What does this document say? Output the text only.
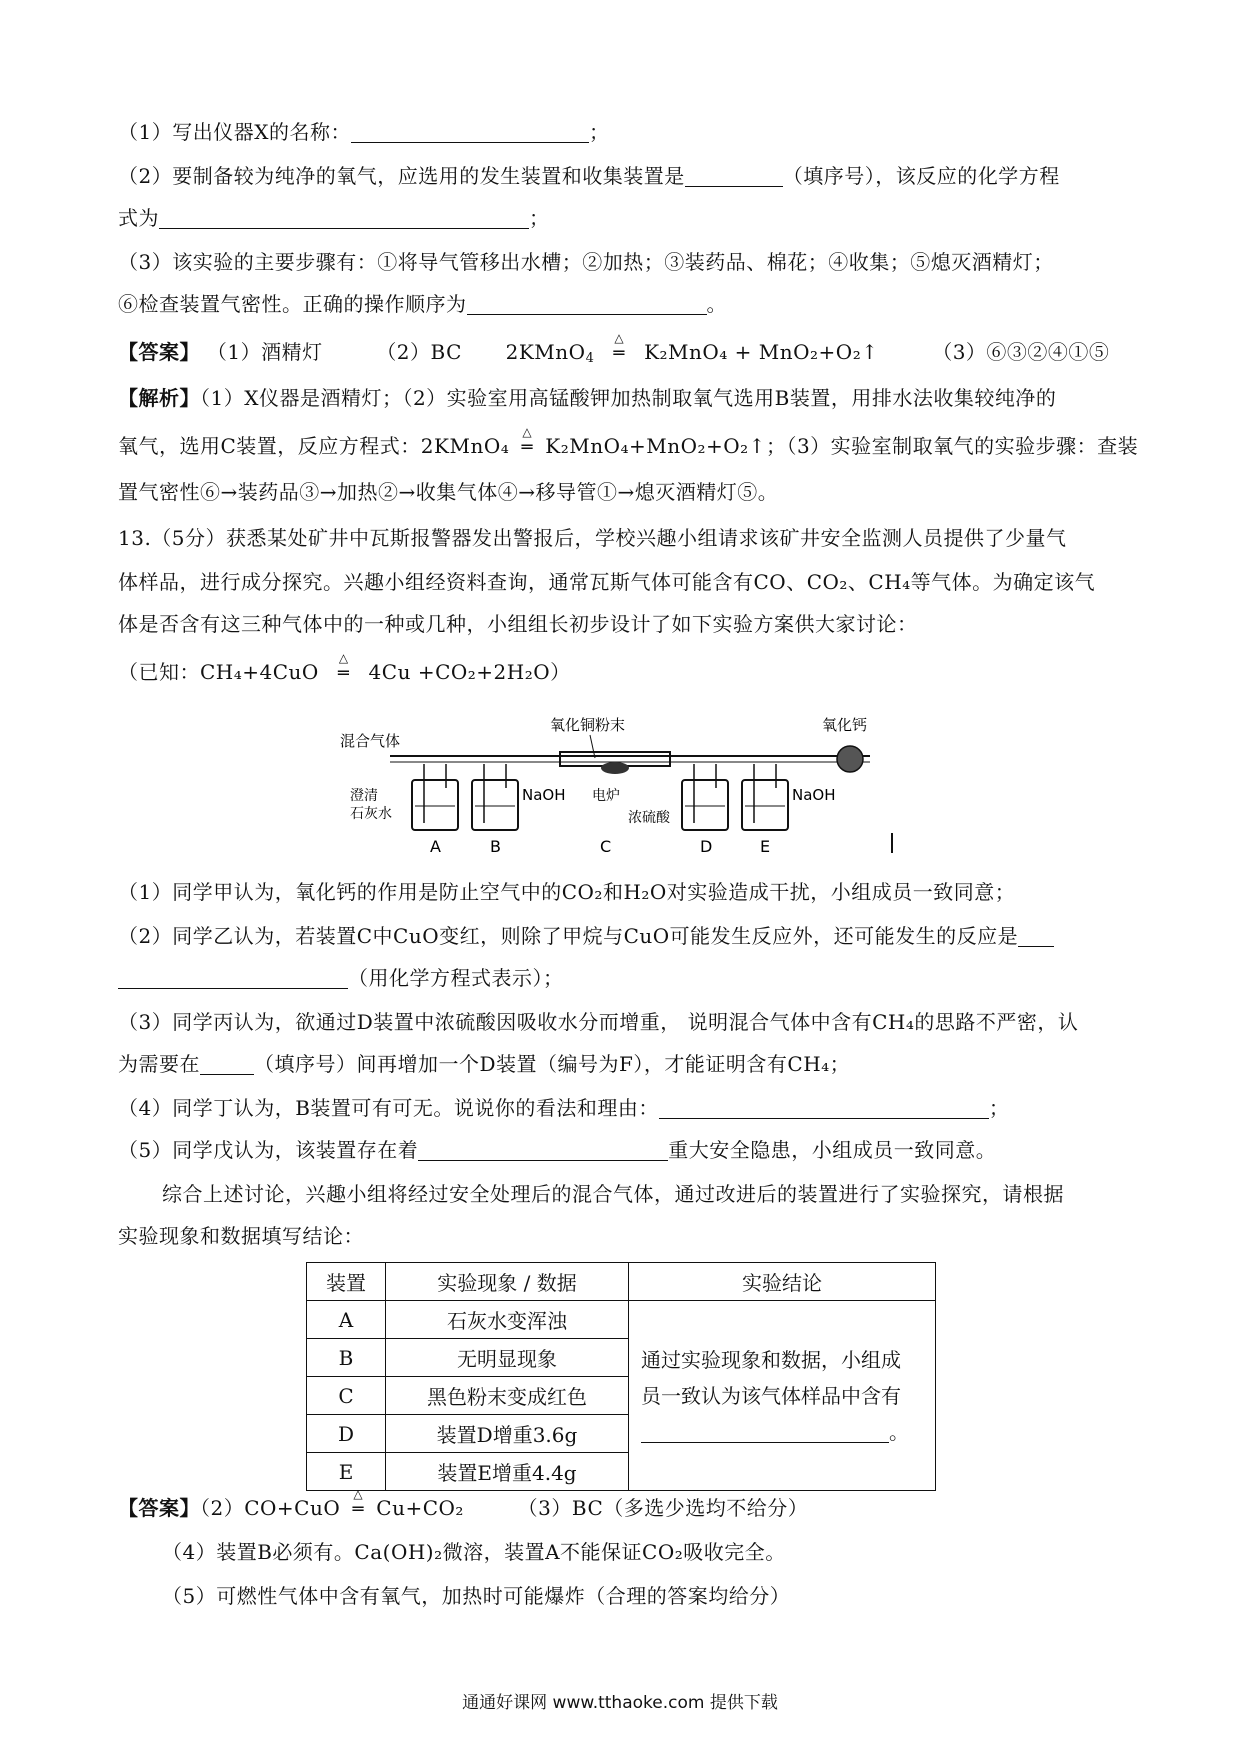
（1）写出仪器X的名称：	；
（2）要制备较为纯净的氧气，应选用的发生装置和收集装置是	（填序号），该反应的化学方程
式为	；
（3）该实验的主要步骤有：①将导气管移出水槽；②加热；③装药品、棉花；④收集；⑤熄灭酒精灯；
⑥检查装置气密性。正确的操作顺序为	。
【答案】 （1）酒精灯	（2）BC 2KMnO$_4$
△
═ K₂MnO₄ + MnO₂+O₂↑	（3）⑥③②④①⑤
【解析】（1）X仪器是酒精灯；（2）实验室用高锰酸钾加热制取氧气选用B装置，用排水法收集较纯净的
氧气，选用C装置，反应方程式：2KMnO₄
△
═ K₂MnO₄+MnO₂+O₂↑；（3）实验室制取氧气的实验步骤：查装
置气密性⑥→装药品③→加热②→收集气体④→移导管①→熄灭酒精灯⑤。
13.（5分）获悉某处矿井中瓦斯报警器发出警报后，学校兴趣小组请求该矿井安全监测人员提供了少量气
体样品，进行成分探究。兴趣小组经资料查询，通常瓦斯气体可能含有CO、CO₂、CH₄等气体。为确定该气
体是否含有这三种气体中的一种或几种，小组组长初步设计了如下实验方案供大家讨论：
（已知：CH₄+4CuO
△
═ 4Cu +CO₂+2H₂O）
混合气体
氧化铜粉末	氧化钙
澄清
石灰水
NaOH 电炉
浓硫酸
NaOH
A	B	C	D	E
（1）同学甲认为，氧化钙的作用是防止空气中的CO₂和H₂O对实验造成干扰，小组成员一致同意；
（2）同学乙认为，若装置C中CuO变红，则除了甲烷与CuO可能发生反应外，还可能发生的反应是
（用化学方程式表示）；
（3）同学丙认为，欲通过D装置中浓硫酸因吸收水分而增重， 说明混合气体中含有CH₄的思路不严密，认
为需要在	（填序号）间再增加一个D装置（编号为F），才能证明含有CH₄；
（4）同学丁认为，B装置可有可无。说说你的看法和理由：	；
（5）同学戊认为，该装置存在着	重大安全隐患，小组成员一致同意。
综合上述讨论，兴趣小组将经过安全处理后的混合气体，通过改进后的装置进行了实验探究，请根据
实验现象和数据填写结论：
装置	实验现象 / 数据	实验结论
A	石灰水变浑浊	通过实验现象和数据，小组成
员一致认为该气体样品中含有
。

B	无明显现象	
C	黑色粉末变成红色	
D	装置D增重3.6g	
E	装置E增重4.4g	
【答案】（2）CO+CuO
△
═ Cu+CO₂	（3）BC（多选少选均不给分）
（4）装置B必须有。Ca(OH)₂微溶，装置A不能保证CO₂吸收完全。
（5）可燃性气体中含有氧气，加热时可能爆炸（合理的答案均给分）
通通好课网 www.tthaoke.com 提供下载
